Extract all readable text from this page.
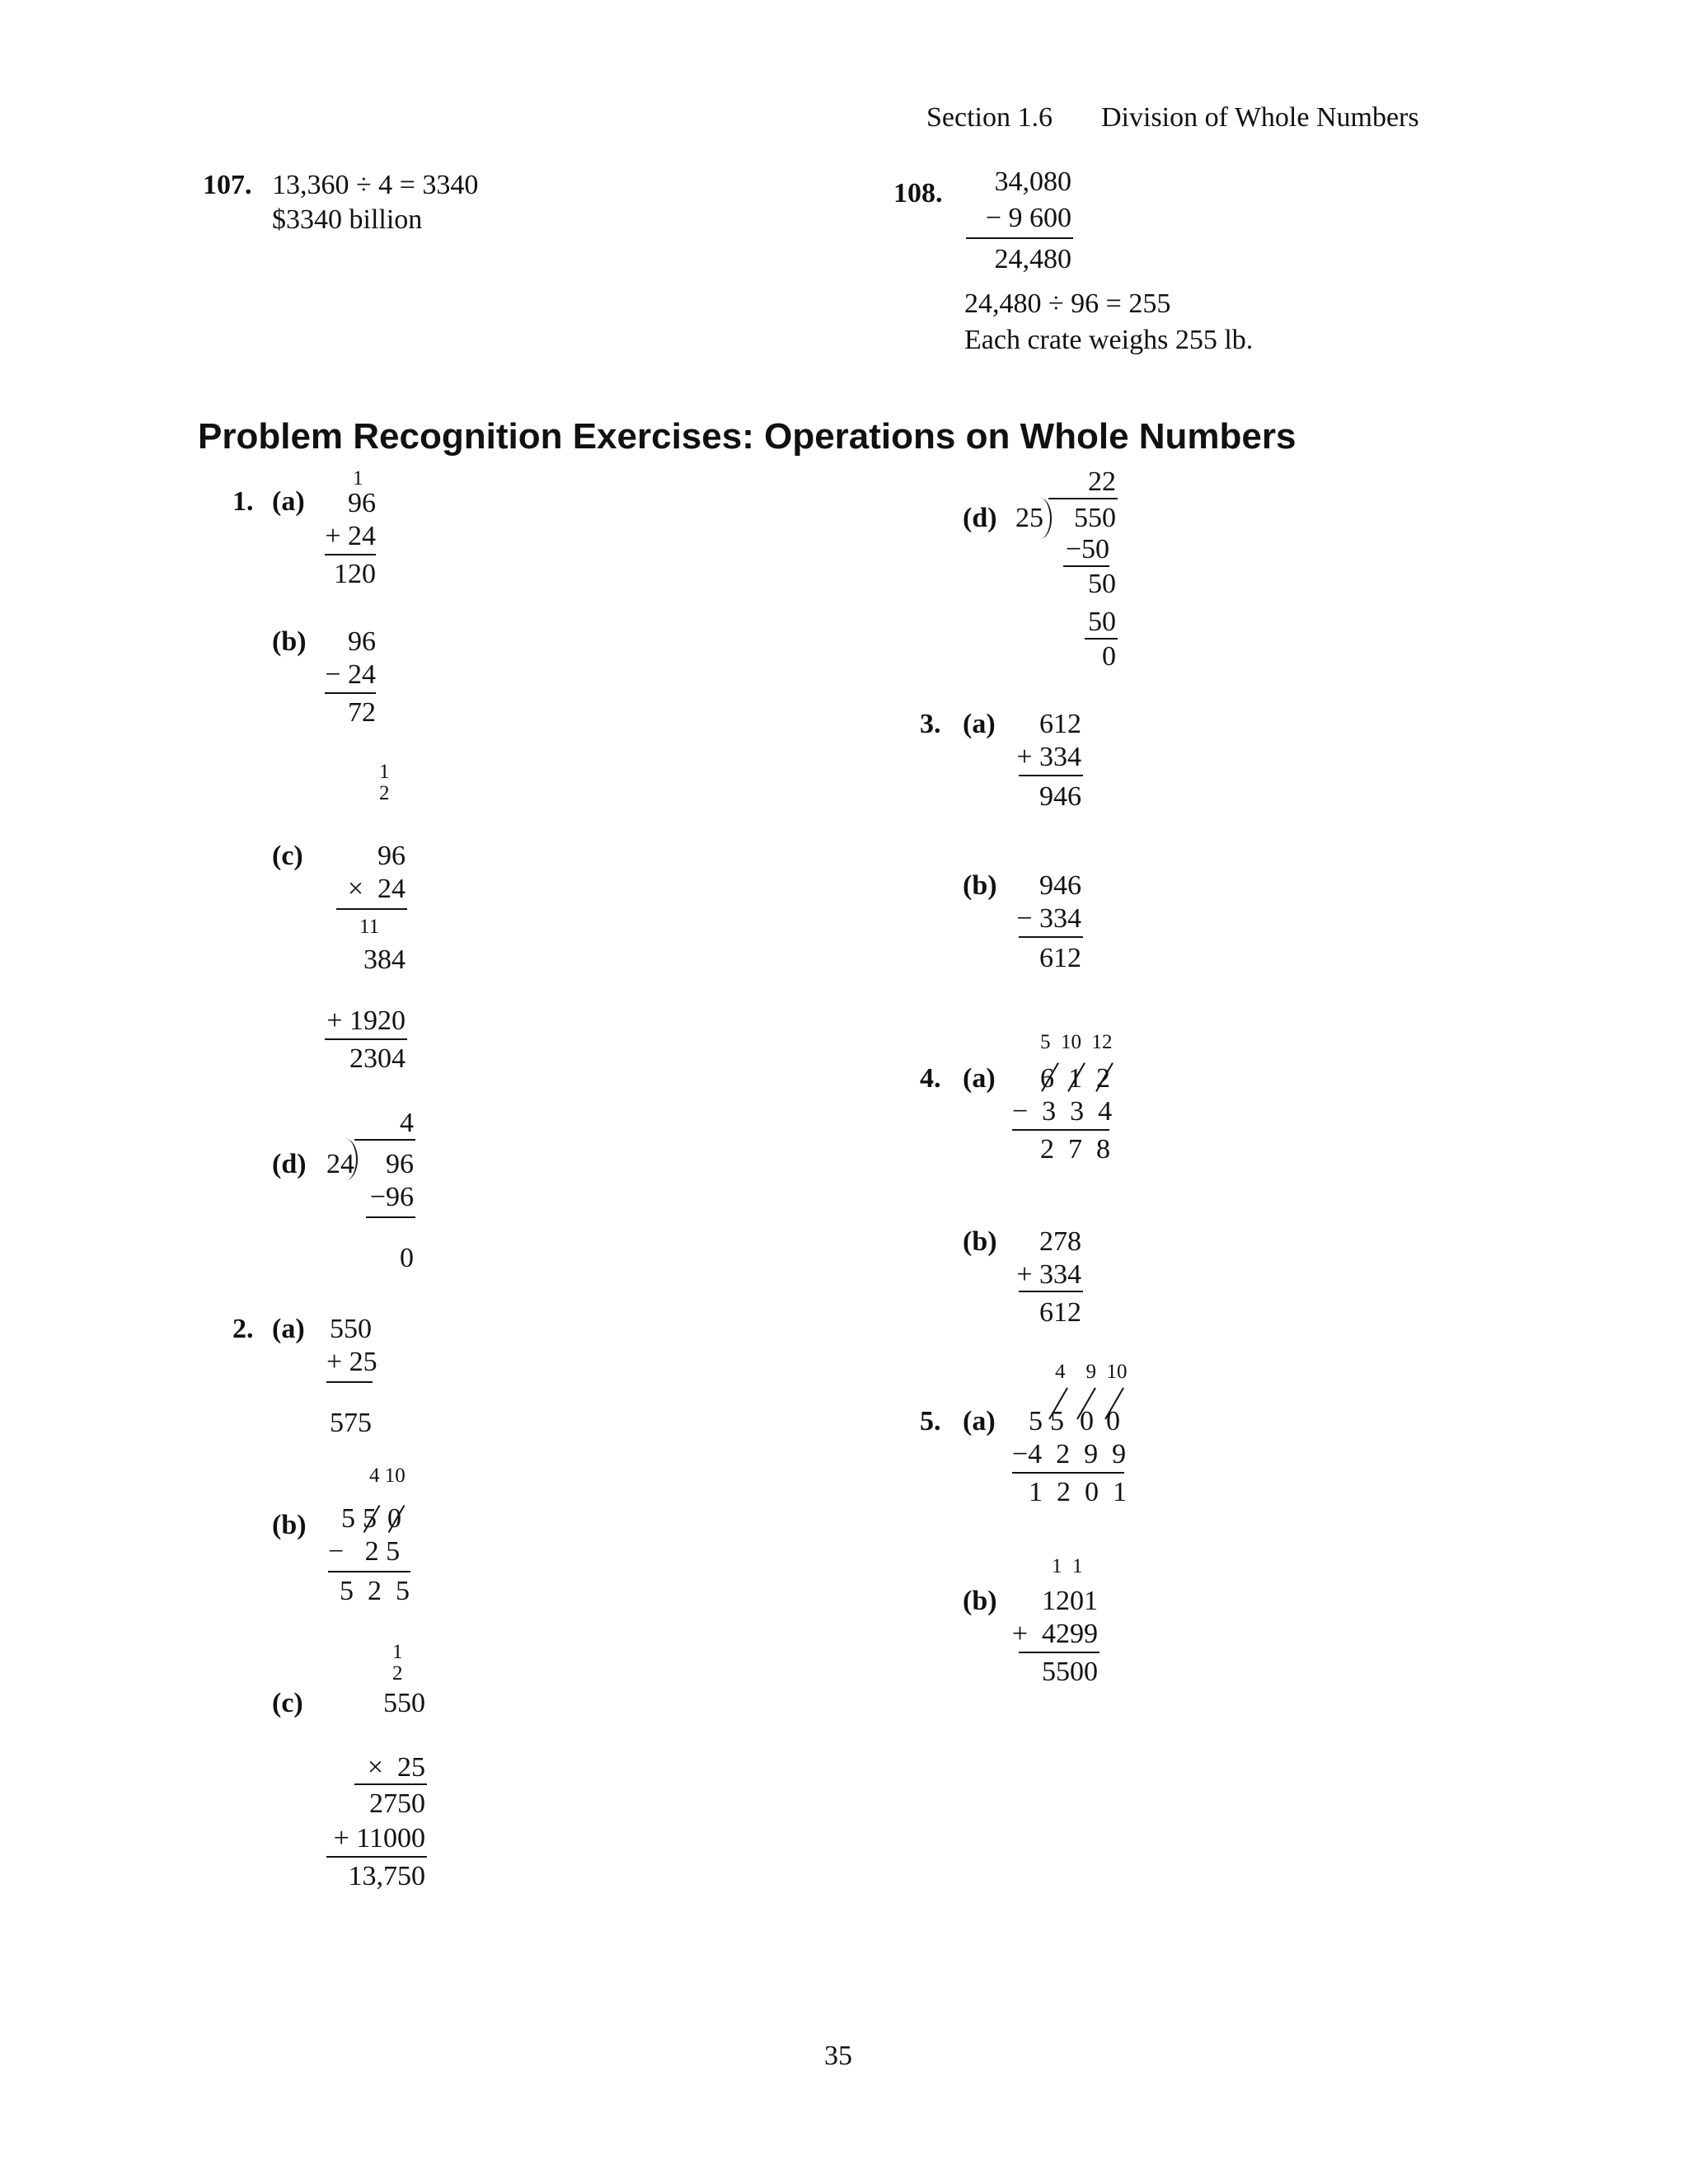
Section 1.6 Division of Whole Numbers
107. 13,360 ÷ 4 = 3340
$3340 billion
108.	34,080
− 9 600
24,480
24,480 ÷ 96 = 255
Each crate weighs 255 lb.
Problem Recognition Exercises: Operations on Whole Numbers
1. (a)
1
96
+ 24
120
(b)	96
− 24
72
1
2
(c)	96
×  24
11
384
+ 1920
2304
4
(d) 24	96
−96
0
2. (a) 550
+ 25
575
4 10
(b) 5 5 0
−   2 5
5  2  5
1
2
(c)	550
×  25
2750
+ 11000
13,750
22
(d) 25	550
−50
50
50
0
3. (a)	612
+ 334
946
(b)	946
− 334
612
5  10  12
4. (a) 6 1 2
−  3  3  4
2  7  8
(b)	278
+ 334
612
4    9  10
5. (a) 5 5 0 0
−4  2  9  9
1  2  0  1
1  1
(b)	1201
+  4299
5500
35
